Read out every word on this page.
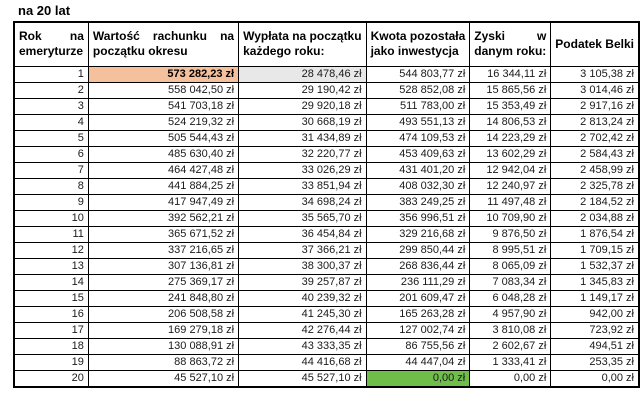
na 20 lat
Rok na
emeryturze

Wartość rachunku na
początku okresu

Wypłata na początku
każdego roku:

Kwota pozostała
jako inwestycja

Zyski w
danym roku:

Podatek Belki

1	573 282,23 zł	28 478,46 zł	544 803,77 zł	16 344,11 zł	3 105,38 zł
2	558 042,50 zł	29 190,42 zł	528 852,08 zł	15 865,56 zł	3 014,46 zł
3	541 703,18 zł	29 920,18 zł	511 783,00 zł	15 353,49 zł	2 917,16 zł
4	524 219,32 zł	30 668,19 zł	493 551,13 zł	14 806,53 zł	2 813,24 zł
5	505 544,43 zł	31 434,89 zł	474 109,53 zł	14 223,29 zł	2 702,42 zł
6	485 630,40 zł	32 220,77 zł	453 409,63 zł	13 602,29 zł	2 584,43 zł
7	464 427,48 zł	33 026,29 zł	431 401,20 zł	12 942,04 zł	2 458,99 zł
8	441 884,25 zł	33 851,94 zł	408 032,30 zł	12 240,97 zł	2 325,78 zł
9	417 947,49 zł	34 698,24 zł	383 249,25 zł	11 497,48 zł	2 184,52 zł
10	392 562,21 zł	35 565,70 zł	356 996,51 zł	10 709,90 zł	2 034,88 zł
11	365 671,52 zł	36 454,84 zł	329 216,68 zł	9 876,50 zł	1 876,54 zł
12	337 216,65 zł	37 366,21 zł	299 850,44 zł	8 995,51 zł	1 709,15 zł
13	307 136,81 zł	38 300,37 zł	268 836,44 zł	8 065,09 zł	1 532,37 zł
14	275 369,17 zł	39 257,87 zł	236 111,29 zł	7 083,34 zł	1 345,83 zł
15	241 848,80 zł	40 239,32 zł	201 609,47 zł	6 048,28 zł	1 149,17 zł
16	206 508,58 zł	41 245,30 zł	165 263,28 zł	4 957,90 zł	942,00 zł
17	169 279,18 zł	42 276,44 zł	127 002,74 zł	3 810,08 zł	723,92 zł
18	130 088,91 zł	43 333,35 zł	86 755,56 zł	2 602,67 zł	494,51 zł
19	88 863,72 zł	44 416,68 zł	44 447,04 zł	1 333,41 zł	253,35 zł
20	45 527,10 zł	45 527,10 zł	0,00 zł	0,00 zł	0,00 zł
